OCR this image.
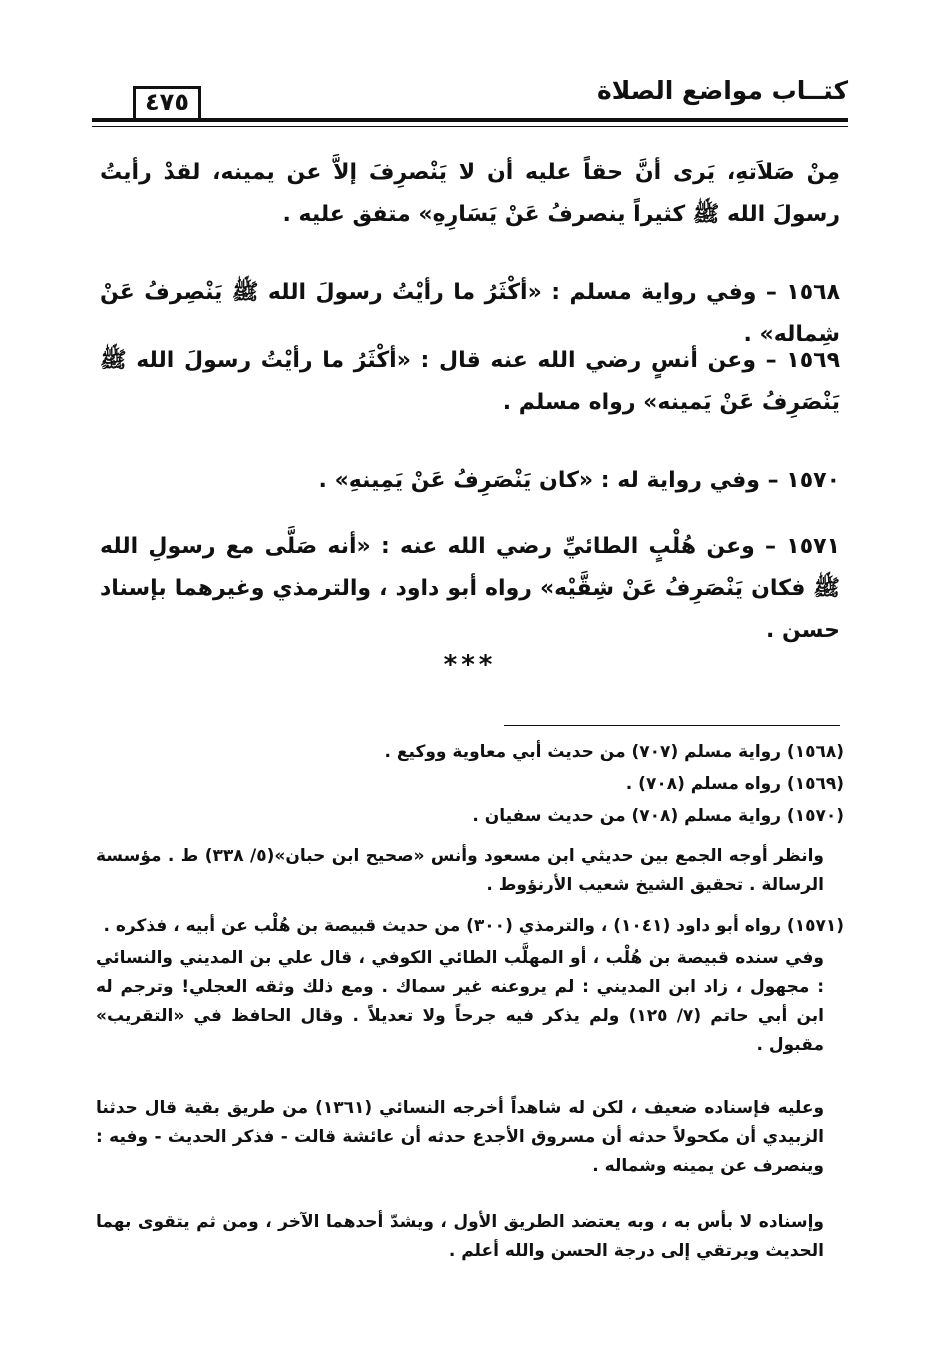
كتــاب مواضع الصلاة
٤٧٥
مِنْ صَلاَتهِ، يَرى أنَّ حقاً عليه أن لا يَنْصرِفَ إلاَّ عن يمينه، لقدْ رأيتُ رسولَ الله ﷺ كثيراً ينصرفُ عَنْ يَسَارِهِ» متفق عليه .
١٥٦٨ – وفي رواية مسلم : «أكْثَرُ ما رأيْتُ رسولَ الله ﷺ يَنْصِرفُ عَنْ شِماله» .
١٥٦٩ – وعن أنسٍ رضي الله عنه قال : «أكْثَرُ ما رأيْتُ رسولَ الله ﷺ يَنْصَرِفُ عَنْ يَمينه» رواه مسلم .
١٥٧٠ – وفي رواية له : «كان يَنْصَرِفُ عَنْ يَمِينهِ» .
١٥٧١ – وعن هُلْبٍ الطائيِّ رضي الله عنه : «أنه صَلَّى مع رسولِ الله ﷺ فكان يَنْصَرِفُ عَنْ شِقَّيْه» رواه أبو داود ، والترمذي وغيرهما بإسناد حسن .
***
(١٥٦٨) رواية مسلم (٧٠٧) من حديث أبي معاوية ووكيع .
(١٥٦٩) رواه مسلم (٧٠٨) .
(١٥٧٠) رواية مسلم (٧٠٨) من حديث سفيان .
وانظر أوجه الجمع بين حديثي ابن مسعود وأنس «صحيح ابن حبان»(٥/ ٣٣٨) ط . مؤسسة الرسالة . تحقيق الشيخ شعيب الأرنؤوط .
(١٥٧١) رواه أبو داود (١٠٤١) ، والترمذي (٣٠٠) من حديث قبيصة بن هُلْب عن أبيه ، فذكره .
وفي سنده قبيصة بن هُلْب ، أو المهلَّب الطائي الكوفي ، قال علي بن المديني والنسائي : مجهول ، زاد ابن المديني : لم يروعنه غير سماك . ومع ذلك وثقه العجلي! وترجم له ابن أبي حاتم (٧/ ١٢٥) ولم يذكر فيه جرحاً ولا تعديلاً . وقال الحافظ في «التقريب» مقبول .
وعليه فإسناده ضعيف ، لكن له شاهداً أخرجه النسائي (١٣٦١) من طريق بقية قال حدثنا الزبيدي أن مكحولاً حدثه أن مسروق الأجدع حدثه أن عائشة قالت - فذكر الحديث - وفيه : وينصرف عن يمينه وشماله .
وإسناده لا بأس به ، وبه يعتضد الطريق الأول ، ويشدّ أحدهما الآخر ، ومن ثم يتقوى بهما الحديث ويرتقي إلى درجة الحسن والله أعلم .
